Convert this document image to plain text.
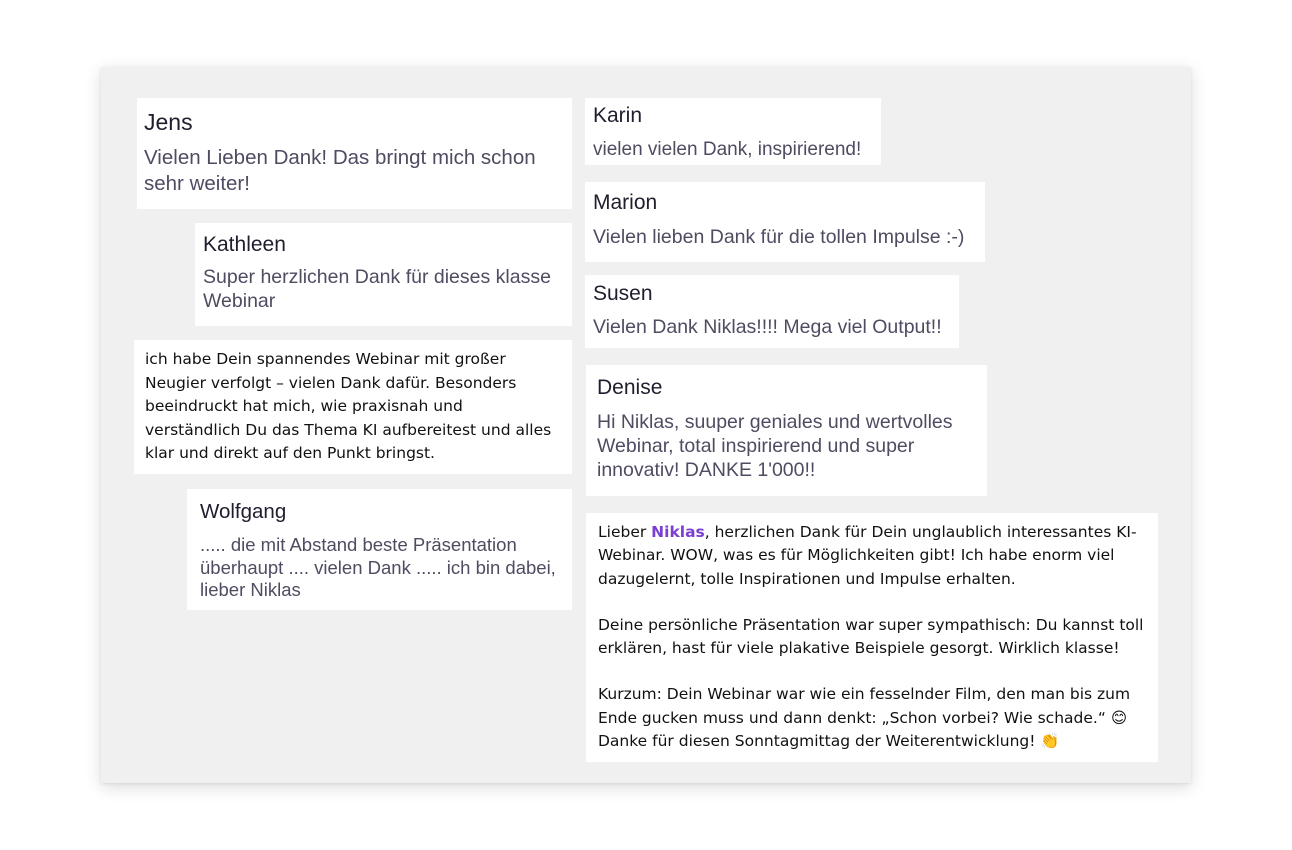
Jens
Vielen Lieben Dank! Das bringt mich schon sehr weiter!
Karin
vielen vielen Dank, inspirierend!
Kathleen
Super herzlichen Dank für dieses klasse Webinar
Marion
Vielen lieben Dank für die tollen Impulse :-)
Susen
Vielen Dank Niklas!!!! Mega viel Output!!
ich habe Dein spannendes Webinar mit großer Neugier verfolgt – vielen Dank dafür. Besonders beeindruckt hat mich, wie praxisnah und verständlich Du das Thema KI aufbereitest und alles klar und direkt auf den Punkt bringst.
Denise
Hi Niklas, suuper geniales und wertvolles Webinar, total inspirierend und super innovativ! DANKE 1'000!!
Wolfgang
..... die mit Abstand beste Präsentation überhaupt .... vielen Dank ..... ich bin dabei, lieber Niklas

Lieber Niklas, herzlichen Dank für Dein unglaublich interessantes KI-Webinar. WOW, was es für Möglichkeiten gibt! Ich habe enorm viel dazugelernt, tolle Inspirationen und Impulse erhalten.

Deine persönliche Präsentation war super sympathisch: Du kannst toll erklären, hast für viele plakative Beispiele gesorgt. Wirklich klasse!

Kurzum: Dein Webinar war wie ein fesselnder Film, den man bis zum Ende gucken muss und dann denkt: „Schon vorbei? Wie schade.“ 😊

Danke für diesen Sonntagmittag der Weiterentwicklung! 👏
